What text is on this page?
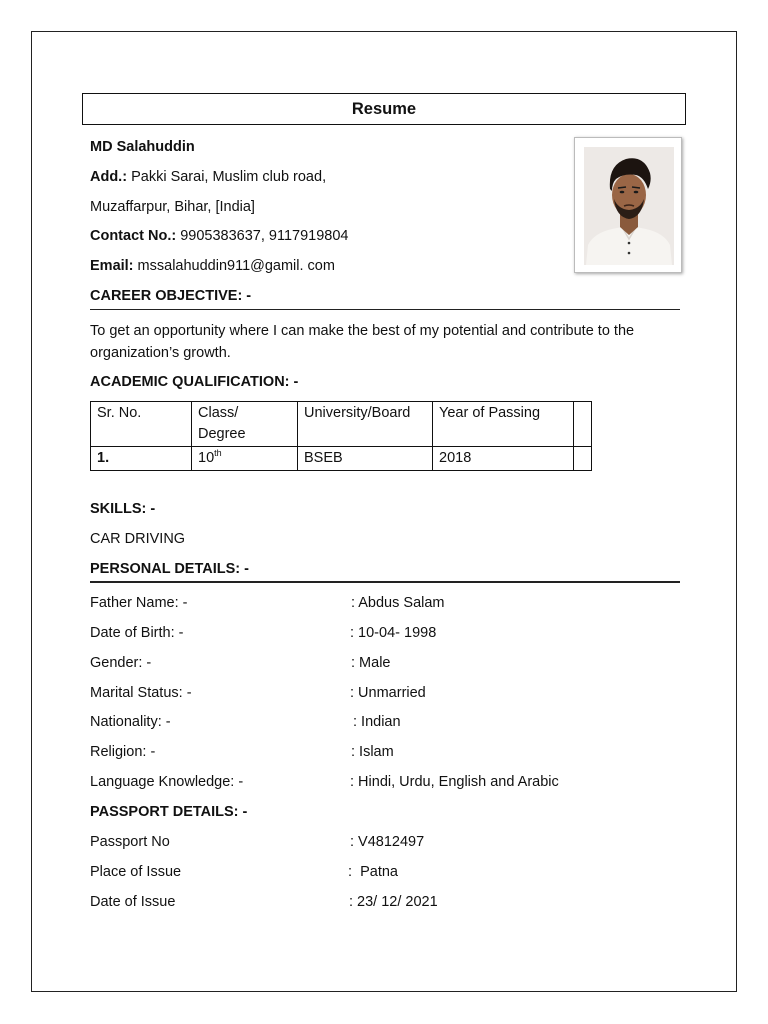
Resume
MD Salahuddin
Add.: Pakki Sarai, Muslim club road,
Muzaffarpur, Bihar, [India]
Contact No.: 9905383637, 9117919804
Email: mssalahuddin911@gamil. com
CAREER OBJECTIVE: -
To get an opportunity where I can make the best of my potential and contribute to the organization’s growth.
ACADEMIC QUALIFICATION: -
Sr. No.	Class/ Degree	University/Board	Year of Passing	
1.	10th	BSEB	2018	
SKILLS: -
CAR DRIVING
PERSONAL DETAILS: -
Father Name: -	: Abdus Salam
Date of Birth: -	: 10-04- 1998
Gender: -	: Male
Marital Status: -	: Unmarried
Nationality: -	: Indian
Religion: -	: Islam
Language Knowledge: -	: Hindi, Urdu, English and Arabic
PASSPORT DETAILS: -
Passport No	: V4812497
Place of Issue	:  Patna
Date of Issue	: 23/ 12/ 2021
